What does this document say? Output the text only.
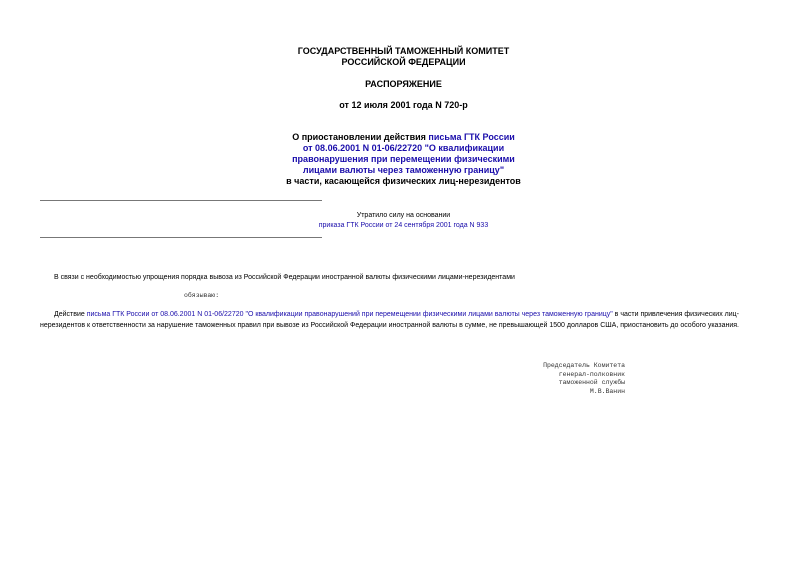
ГОСУДАРСТВЕННЫЙ ТАМОЖЕННЫЙ КОМИТЕТ
РОССИЙСКОЙ ФЕДЕРАЦИИ
РАСПОРЯЖЕНИЕ
от 12 июля 2001 года N 720-р
О приостановлении действия письма ГТК России
от 08.06.2001 N 01-06/22720 "О квалификации
правонарушения при перемещении физическими
лицами валюты через таможенную границу"
в части, касающейся физических лиц-нерезидентов
Утратило силу на основании
приказа ГТК России от 24 сентября 2001 года N 933
В связи с необходимостью упрощения порядка вывоза из Российской Федерации иностранной валюты физическими лицами-нерезидентами
обязываю:
Действие письма ГТК России от 08.06.2001 N 01-06/22720 "О квалификации правонарушений при перемещении физическими лицами валюты через таможенную границу" в части привлечения физических лиц-
нерезидентов к ответственности за нарушение таможенных правил при вывозе из Российской Федерации иностранной валюты в сумме, не превышающей 1500 долларов США, приостановить до особого указания.
Председатель Комитета
генерал-полковник
таможенной службы
М.В.Ванин
